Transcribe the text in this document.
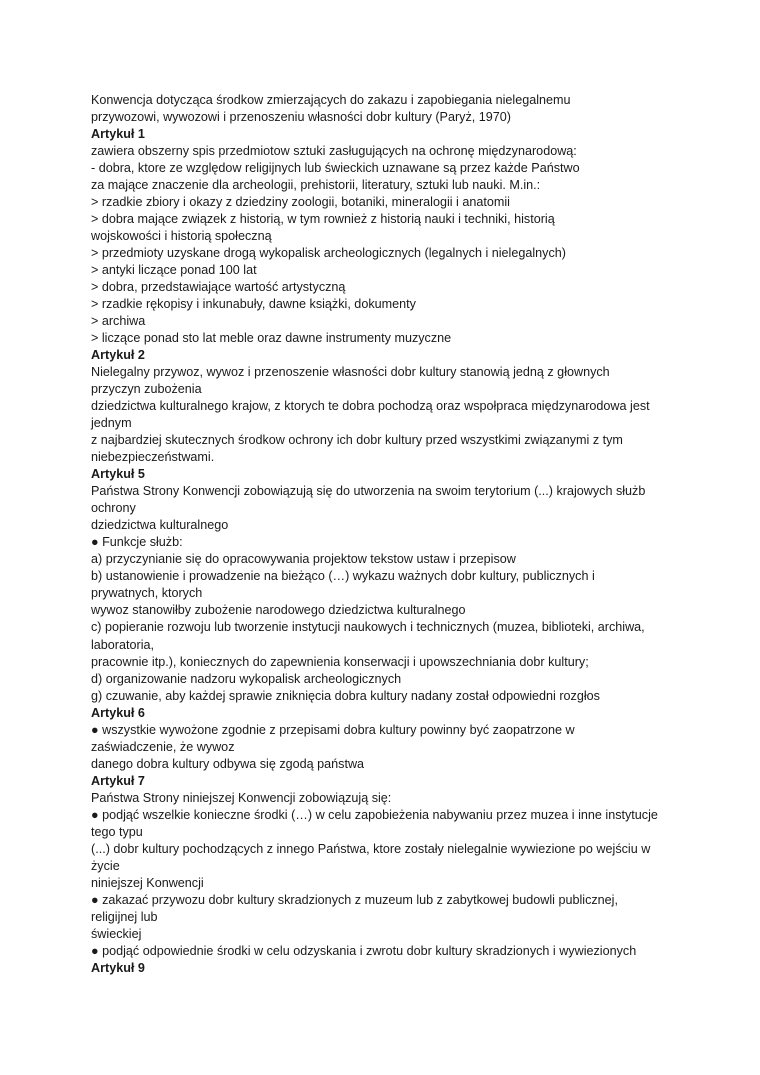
Konwencja dotycząca środkow zmierzających do zakazu i zapobiegania nielegalnemu
przywozowi, wywozowi i przenoszeniu własności dobr kultury (Paryż, 1970)
Artykuł 1
zawiera obszerny spis przedmiotow sztuki zasługujących na ochronę międzynarodową:
- dobra, ktore ze względow religijnych lub świeckich uznawane są przez każde Państwo
za mające znaczenie dla archeologii, prehistorii, literatury, sztuki lub nauki. M.in.:
> rzadkie zbiory i okazy z dziedziny zoologii, botaniki, mineralogii i anatomii
> dobra mające związek z historią, w tym rownież z historią nauki i techniki, historią
wojskowości i historią społeczną
> przedmioty uzyskane drogą wykopalisk archeologicznych (legalnych i nielegalnych)
> antyki liczące ponad 100 lat
> dobra, przedstawiające wartość artystyczną
> rzadkie rękopisy i inkunabuły, dawne książki, dokumenty
> archiwa
> liczące ponad sto lat meble oraz dawne instrumenty muzyczne
Artykuł 2
Nielegalny przywoz, wywoz i przenoszenie własności dobr kultury stanowią jedną z głownych
przyczyn zubożenia
dziedzictwa kulturalnego krajow, z ktorych te dobra pochodzą oraz wspołpraca międzynarodowa jest
jednym
z najbardziej skutecznych środkow ochrony ich dobr kultury przed wszystkimi związanymi z tym
niebezpieczeństwami.
Artykuł 5
Państwa Strony Konwencji zobowiązują się do utworzenia na swoim terytorium (...) krajowych służb
ochrony
dziedzictwa kulturalnego
● Funkcje służb:
a) przyczynianie się do opracowywania projektow tekstow ustaw i przepisow
b) ustanowienie i prowadzenie na bieżąco (…) wykazu ważnych dobr kultury, publicznych i
prywatnych, ktorych
wywoz stanowiłby zubożenie narodowego dziedzictwa kulturalnego
c) popieranie rozwoju lub tworzenie instytucji naukowych i technicznych (muzea, biblioteki, archiwa,
laboratoria,
pracownie itp.), koniecznych do zapewnienia konserwacji i upowszechniania dobr kultury;
d) organizowanie nadzoru wykopalisk archeologicznych
g) czuwanie, aby każdej sprawie zniknięcia dobra kultury nadany został odpowiedni rozgłos
Artykuł 6
● wszystkie wywożone zgodnie z przepisami dobra kultury powinny być zaopatrzone w
zaświadczenie, że wywoz
danego dobra kultury odbywa się zgodą państwa
Artykuł 7
Państwa Strony niniejszej Konwencji zobowiązują się:
● podjąć wszelkie konieczne środki (…) w celu zapobieżenia nabywaniu przez muzea i inne instytucje
tego typu
(...) dobr kultury pochodzących z innego Państwa, ktore zostały nielegalnie wywiezione po wejściu w
życie
niniejszej Konwencji
● zakazać przywozu dobr kultury skradzionych z muzeum lub z zabytkowej budowli publicznej,
religijnej lub
świeckiej
● podjąć odpowiednie środki w celu odzyskania i zwrotu dobr kultury skradzionych i wywiezionych
Artykuł 9
